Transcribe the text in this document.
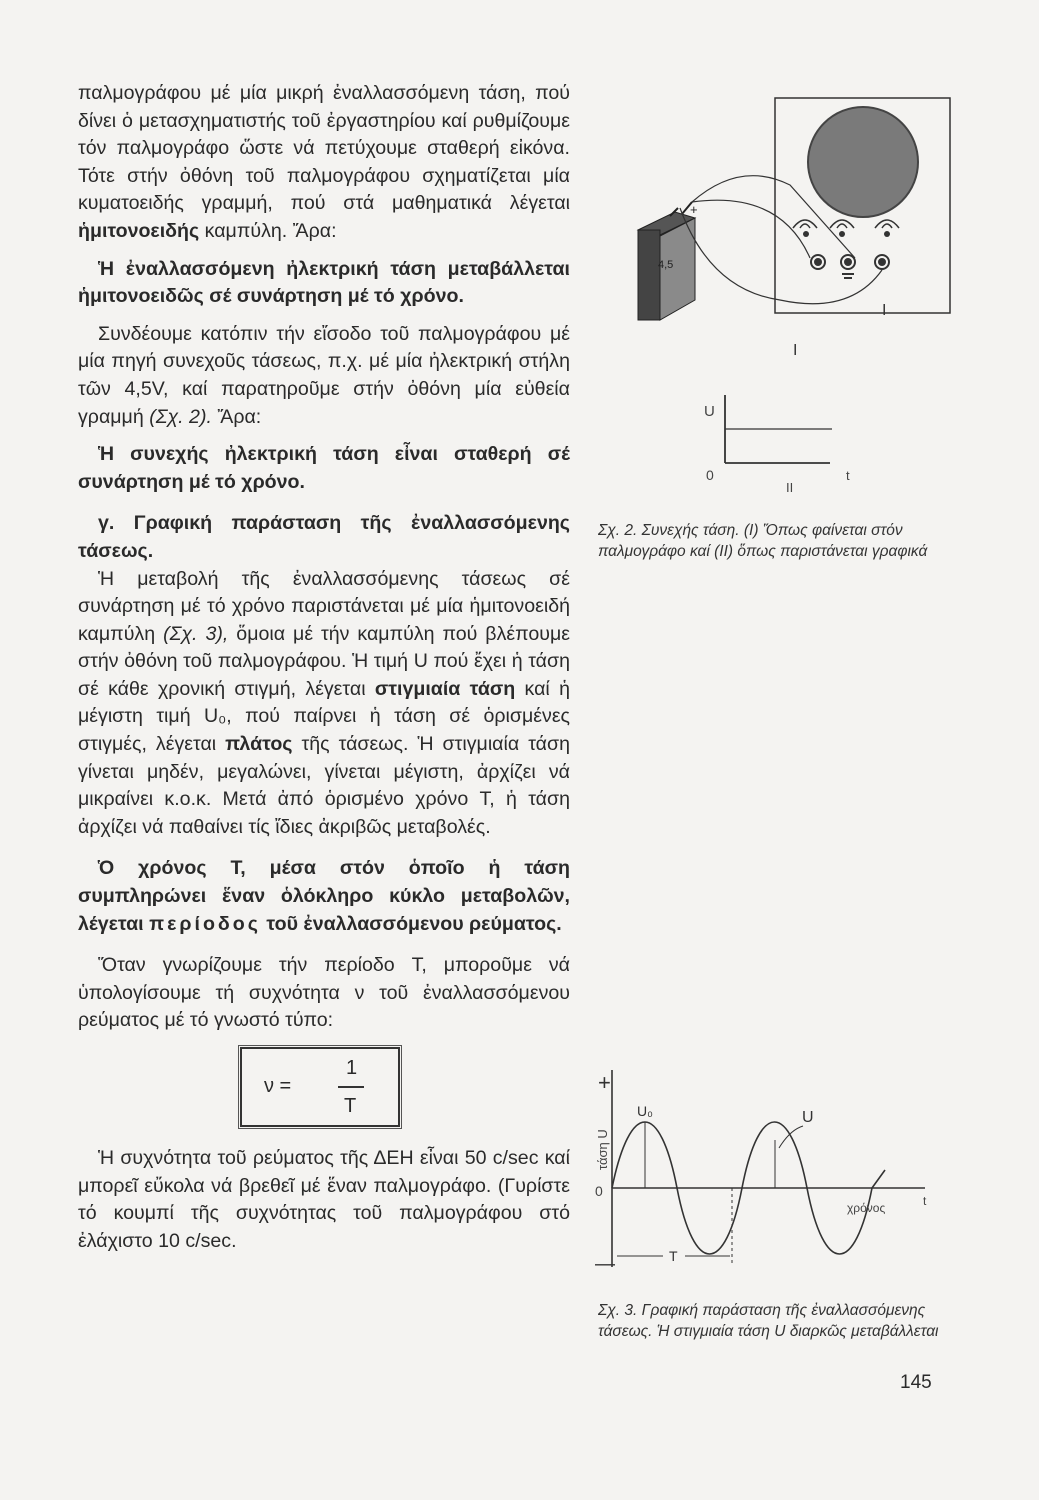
παλμογράφου μέ μία μικρή ἐναλλασσόμενη τάση, πού δίνει ὁ μετασχηματιστής τοῦ ἐργαστηρίου καί ρυθμίζουμε τόν παλμογράφο ὥστε νά πετύχουμε σταθερή εἰκόνα. Τότε στήν ὀθόνη τοῦ παλμογράφου σχηματίζεται μία κυματοειδής γραμμή, πού στά μαθηματικά λέγεται ἡμιτονοειδής καμπύλη. Ἄρα:

Ἡ ἐναλλασσόμενη ἠλεκτρική τάση μεταβάλλεται ἡμιτονοειδῶς σέ συνάρτηση μέ τό χρόνο.

Συνδέουμε κατόπιν τήν εἴσοδο τοῦ παλμογράφου μέ μία πηγή συνεχοῦς τάσεως, π.χ. μέ μία ἠλεκτρική στήλη τῶν 4,5V, καί παρατηροῦμε στήν ὀθόνη μία εὐθεία γραμμή (Σχ. 2). Ἄρα:

Ἡ συνεχής ἠλεκτρική τάση εἶναι σταθερή σέ συνάρτηση μέ τό χρόνο.

γ. Γραφική παράσταση τῆς ἐναλλασσόμενης τάσεως.

Ἡ μεταβολή τῆς ἐναλλασσόμενης τάσεως σέ συνάρτηση μέ τό χρόνο παριστάνεται μέ μία ἡμιτονοειδή καμπύλη (Σχ. 3), ὅμοια μέ τήν καμπύλη πού βλέπουμε στήν ὀθόνη τοῦ παλμογράφου. Ἡ τιμή U πού ἔχει ἡ τάση σέ κάθε χρονική στιγμή, λέγεται στιγμιαία τάση καί ἡ μέγιστη τιμή U₀, πού παίρνει ἡ τάση σέ ὁρισμένες στιγμές, λέγεται πλάτος τῆς τάσεως. Ἡ στιγμιαία τάση γίνεται μηδέν, μεγαλώνει, γίνεται μέγιστη, ἀρχίζει νά μικραίνει κ.ο.κ. Μετά ἀπό ὁρισμένο χρόνο T, ἡ τάση ἀρχίζει νά παθαίνει τίς ἴδιες ἀκριβῶς μεταβολές.

Ὁ χρόνος T, μέσα στόν ὁποῖο ἡ τάση συμπληρώνει ἕναν ὁλόκληρο κύκλο μεταβολῶν, λέγεται περίοδος τοῦ ἐναλλασσόμενου ρεύματος.

Ὅταν γνωρίζουμε τήν περίοδο T, μποροῦμε νά ὑπολογίσουμε τή συχνότητα ν τοῦ ἐναλλασσόμενου ρεύματος μέ τό γνωστό τύπο:

ν =
1
T

Ἡ συχνότητα τοῦ ρεύματος τῆς ΔΕΗ εἶναι 50 c/sec καί μπορεῖ εὔκολα νά βρεθεῖ μέ ἕναν παλμογράφο. (Γυρίστε τό κουμπί τῆς συχνότητας τοῦ παλμογράφου στό ἐλάχιστο 10 c/sec.

4,5
+
I
I
U
0	t
II
Σχ. 2. Συνεχής τάση. (I) Ὅπως φαίνεται στόν παλμογράφο καί (II) ὅπως παριστάνεται γραφικά
+
—
τάση U
0
U₀	U
χρόνος	t
T
Σχ. 3. Γραφική παράσταση τῆς ἐναλλασσόμενης τάσεως. Ἡ στιγμιαία τάση U διαρκῶς μεταβάλλεται
145
